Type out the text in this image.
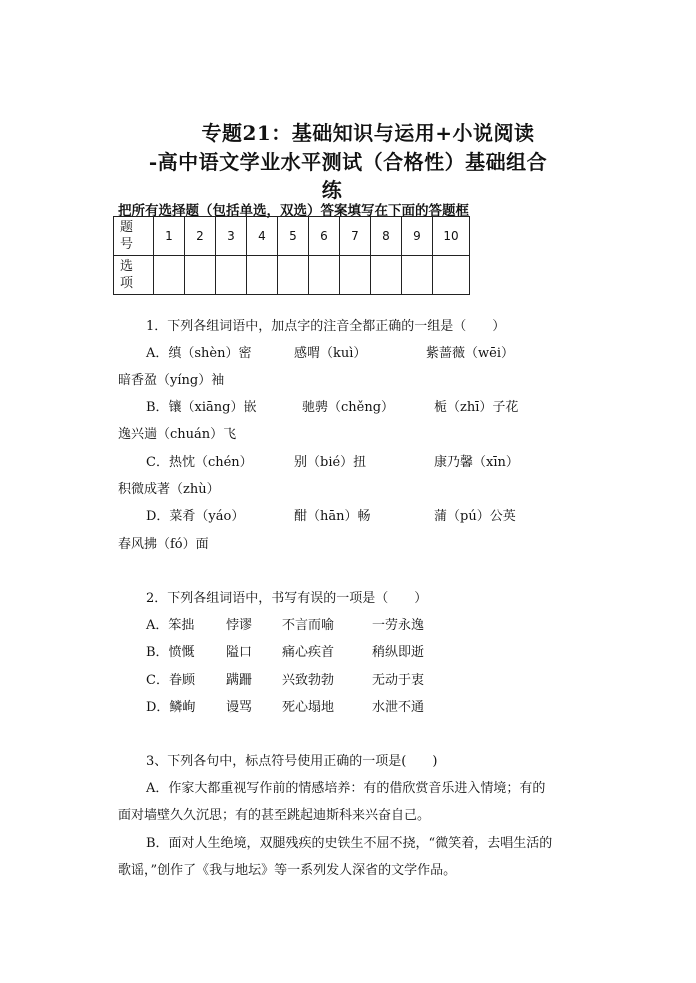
专题21：基础知识与运用+小说阅读
-高中语文学业水平测试（合格性）基础组合
练
把所有选择题（包括单选，双选）答案填写在下面的答题框
题
号	1	2	3	4	5	6	7	8	9	10
选
项										
1．下列各组词语中，加点字的注音全都正确的一组是（　　）
A．缜（shèn）密	感喟（kuì）	紫蔷薇（wēi）
暗香盈（yíng）袖
B．镶（xiāng）嵌	驰骋（chěng）	栀（zhī）子花
逸兴遄（chuán）飞
C．热忱（chén）	别（bié）扭	康乃馨（xīn）
积微成著（zhù）
D．菜肴（yáo）	酣（hān）畅	蒲（pú）公英
春风拂（fó）面
2．下列各组词语中，书写有误的一项是（　　）
A．笨拙 悖谬 不言而喻	一劳永逸
B．愤慨 隘口 痛心疾首	稍纵即逝
C．眷顾 蹒跚 兴致勃勃	无动于衷
D．鳞峋 谩骂 死心塌地	水泄不通
3、下列各句中，标点符号使用正确的一项是(　　)
A．作家大都重视写作前的情感培养：有的借欣赏音乐进入情境；有的
面对墙壁久久沉思；有的甚至跳起迪斯科来兴奋自己。
B．面对人生绝境，双腿残疾的史铁生不屈不挠，“微笑着，去唱生活的
歌谣，”创作了《我与地坛》等一系列发人深省的文学作品。
